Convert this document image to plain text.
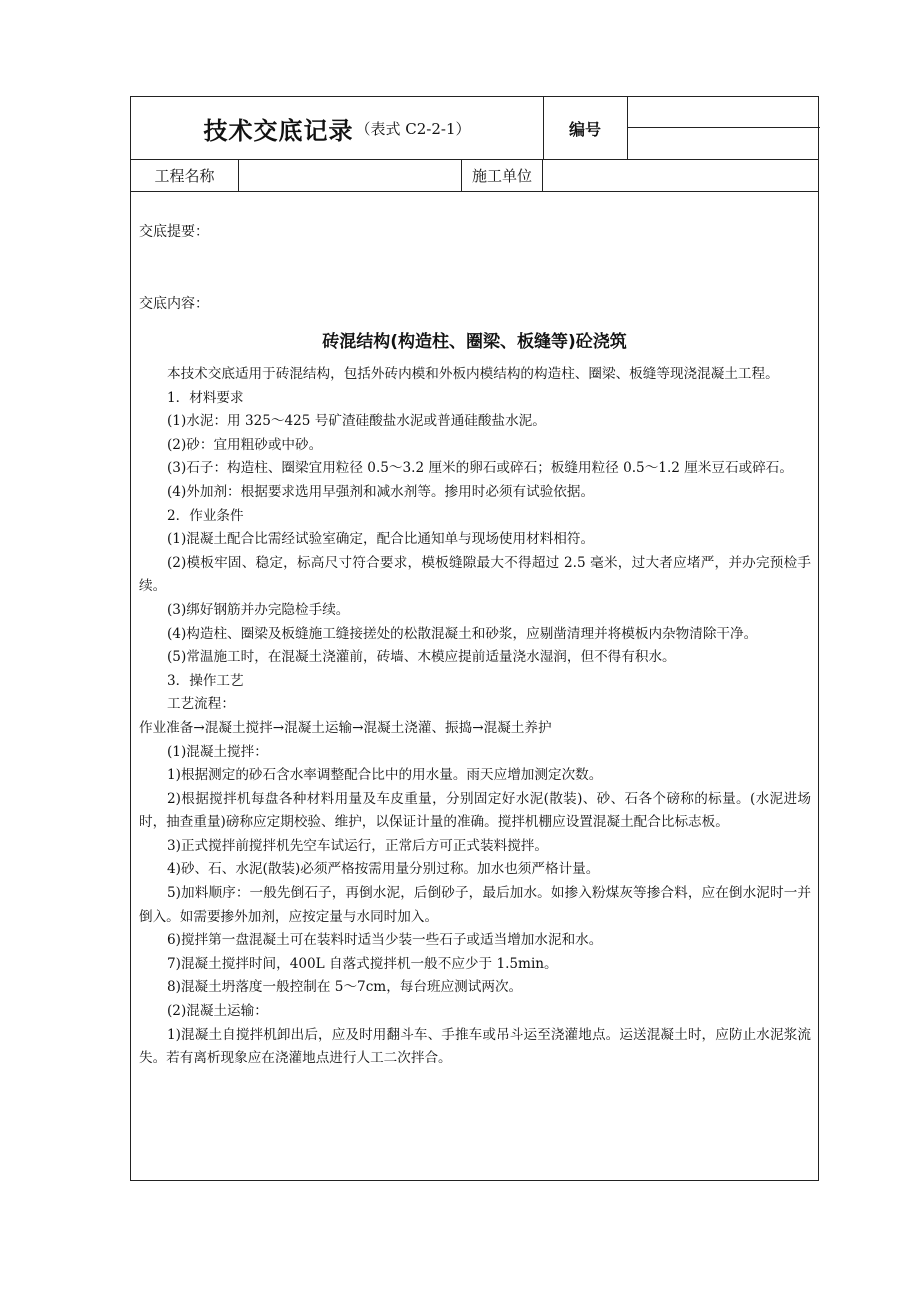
技术交底记录 （表式 C2-2-1）	编号
工程名称	施工单位
交底提要：
交底内容：
砖混结构(构造柱、圈梁、板缝等)砼浇筑

本技术交底适用于砖混结构，包括外砖内模和外板内模结构的构造柱、圈梁、板缝等现浇混凝土工程。

1．材料要求

(1)水泥：用 325～425 号矿渣硅酸盐水泥或普通硅酸盐水泥。

(2)砂：宜用粗砂或中砂。

(3)石子：构造柱、圈梁宜用粒径 0.5～3.2 厘米的卵石或碎石；板缝用粒径 0.5～1.2 厘米豆石或碎石。

(4)外加剂：根据要求选用早强剂和减水剂等。掺用时必须有试验依据。

2．作业条件

(1)混凝土配合比需经试验室确定，配合比通知单与现场使用材料相符。

(2)模板牢固、稳定，标高尺寸符合要求，模板缝隙最大不得超过 2.5 毫米，过大者应堵严，并办完预检手续。

(3)绑好钢筋并办完隐检手续。

(4)构造柱、圈梁及板缝施工缝接搓处的松散混凝土和砂浆，应剔凿清理并将模板内杂物清除干净。

(5)常温施工时，在混凝土浇灌前，砖墙、木模应提前适量浇水湿润，但不得有积水。

3．操作工艺

工艺流程：

作业准备→混凝土搅拌→混凝土运输→混凝土浇灌、振捣→混凝土养护

(1)混凝土搅拌：

1)根据测定的砂石含水率调整配合比中的用水量。雨天应增加测定次数。

2)根据搅拌机每盘各种材料用量及车皮重量，分别固定好水泥(散装)、砂、石各个磅称的标量。(水泥进场时，抽查重量)磅称应定期校验、维护，以保证计量的准确。搅拌机棚应设置混凝土配合比标志板。

3)正式搅拌前搅拌机先空车试运行，正常后方可正式装料搅拌。

4)砂、石、水泥(散装)必须严格按需用量分别过称。加水也须严格计量。

5)加料顺序：一般先倒石子，再倒水泥，后倒砂子，最后加水。如掺入粉煤灰等掺合料，应在倒水泥时一并倒入。如需要掺外加剂，应按定量与水同时加入。

6)搅拌第一盘混凝土可在装料时适当少装一些石子或适当增加水泥和水。

7)混凝土搅拌时间，400L 自落式搅拌机一般不应少于 1.5min。

8)混凝土坍落度一般控制在 5～7cm，每台班应测试两次。

(2)混凝土运输：

1)混凝土自搅拌机卸出后，应及时用翻斗车、手推车或吊斗运至浇灌地点。运送混凝土时，应防止水泥浆流失。若有离析现象应在浇灌地点进行人工二次拌合。
